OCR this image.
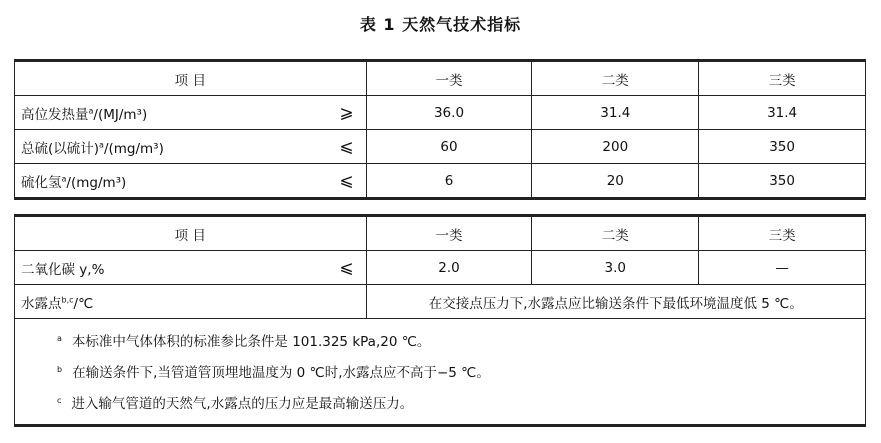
表 1 天然气技术指标
项 目	一类	二类	三类

高位发热量$^a$/(MJ/m³) ⩾	36.0	31.4	31.4

总硫(以硫计)$^a$/(mg/m³) ⩽	60	200	350

硫化氢$^a$/(mg/m³) ⩽	6	20	350
项 目	一类	二类	三类

二氧化碳 y,% ⩽	2.0	3.0	—
水露点$^{b,c}$/℃	在交接点压力下,水露点应比输送条件下最低环境温度低 5 ℃。		
$^a$ 本标准中气体体积的标准参比条件是 101.325 kPa,20 ℃。
$^b$ 在输送条件下,当管道管顶埋地温度为 0 ℃时,水露点应不高于−5 ℃。
$^c$ 进入输气管道的天然气,水露点的压力应是最高输送压力。
